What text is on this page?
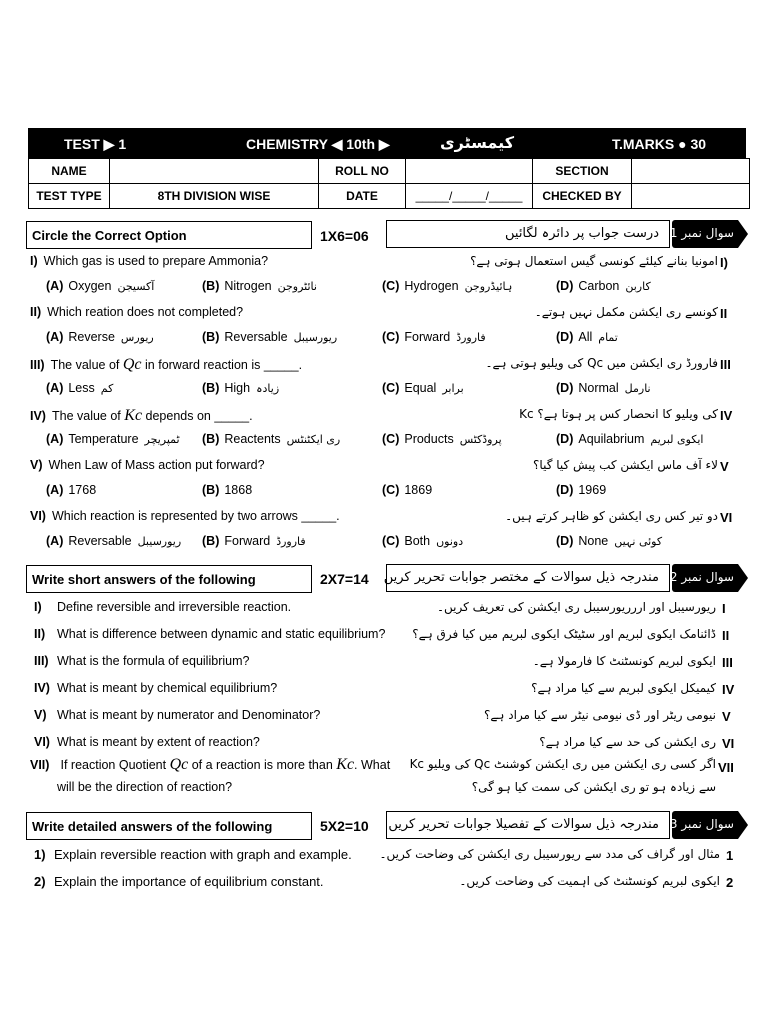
TEST ▶ 1	CHEMISTRY ◀ 10th ▶	کیمسٹری	T.MARKS ● 30
NAME		ROLL NO		SECTION	
TEST TYPE	8TH DIVISION WISE	DATE	_____/_____/_____	CHECKED BY	
Circle the Correct Option	1X6=06	درست جواب پر دائرہ لگائیں سوال نمبر 1)
I) Which gas is used to prepare Ammonia?	امونیا بنانے کیلئے کونسی گیس استعمال ہوتی ہے؟ I)
(A) Oxygen آکسیجن	(B) Nitrogen نائٹروجن	(C) Hydrogen ہائیڈروجن	(D) Carbon کاربن
II) Which reation does not completed?	کونسے ری ایکشن مکمل نہیں ہوتے۔ II
(A) Reverse ریورس	(B) Reversable ریورسیبل	(C) Forward فارورڈ	(D) All تمام
III) The value of Qc in forward reaction is _____.	فارورڈ ری ایکشن میں Qc کی ویلیو ہوتی ہے۔ III
(A) Less کم	(B) High زیادہ	(C) Equal برابر	(D) Normal نارمل
IV) The value of Kc depends on _____.	Kc کی ویلیو کا انحصار کس پر ہوتا ہے؟ IV
(A) Temperature ٹمپریچر (B) Reactents ری ایکٹنٹس	(C) Products پروڈکٹس	(D) Aquilabrium ایکوی لبریم
V) When Law of Mass action put forward?	لاء آف ماس ایکشن کب پیش کیا گیا؟ V
(A) 1768	(B) 1868	(C) 1869	(D) 1969
VI) Which reaction is represented by two arrows _____.	دو تیر کس ری ایکشن کو ظاہر کرتے ہیں۔ VI
(A) Reversable ریورسیبل (B) Forward فارورڈ	(C) Both دونوں	(D) None کوئی نہیں
Write short answers of the following	2X7=14 مندرجہ ذیل سوالات کے مختصر جوابات تحریر کریں سوال نمبر 2)
I) Define reversible and irreversible reaction.	ریورسیبل اور اررریورسیبل ری ایکشن کی تعریف کریں۔ I
II) What is difference between dynamic and static equilibrium? ڈائنامک ایکوی لبریم اور سٹیٹک ایکوی لبریم میں کیا فرق ہے؟ II
III) What is the formula of equilibrium?	ایکوی لبریم کونسٹنٹ کا فارمولا ہے۔ III
IV) What is meant by chemical equilibrium?	کیمیکل ایکوی لبریم سے کیا مراد ہے؟ IV
V) What is meant by numerator and Denominator?	نیومی ریٹر اور ڈی نیومی نیٹر سے کیا مراد ہے؟ V
VI) What is meant by extent of reaction?	ری ایکشن کی حد سے کیا مراد ہے؟ VI
VII) If reaction Quotient Qc of a reaction is more than Kc. What
will be the direction of reaction?
اگر کسی ری ایکشن میں ری ایکشن کوشنٹ Qc کی ویلیو Kc
سے زیادہ ہو تو ری ایکشن کی سمت کیا ہو گی؟
VII
Write detailed answers of the following	5X2=10 مندرجہ ذیل سوالات کے تفصیلا جوابات تحریر کریں سوال نمبر 3)
1) Explain reversible reaction with graph and example. مثال اور گراف کی مدد سے ریورسیبل ری ایکشن کی وضاحت کریں۔ 1
2) Explain the importance of equilibrium constant.	ایکوی لبریم کونسٹنٹ کی اہمیت کی وضاحت کریں۔ 2
